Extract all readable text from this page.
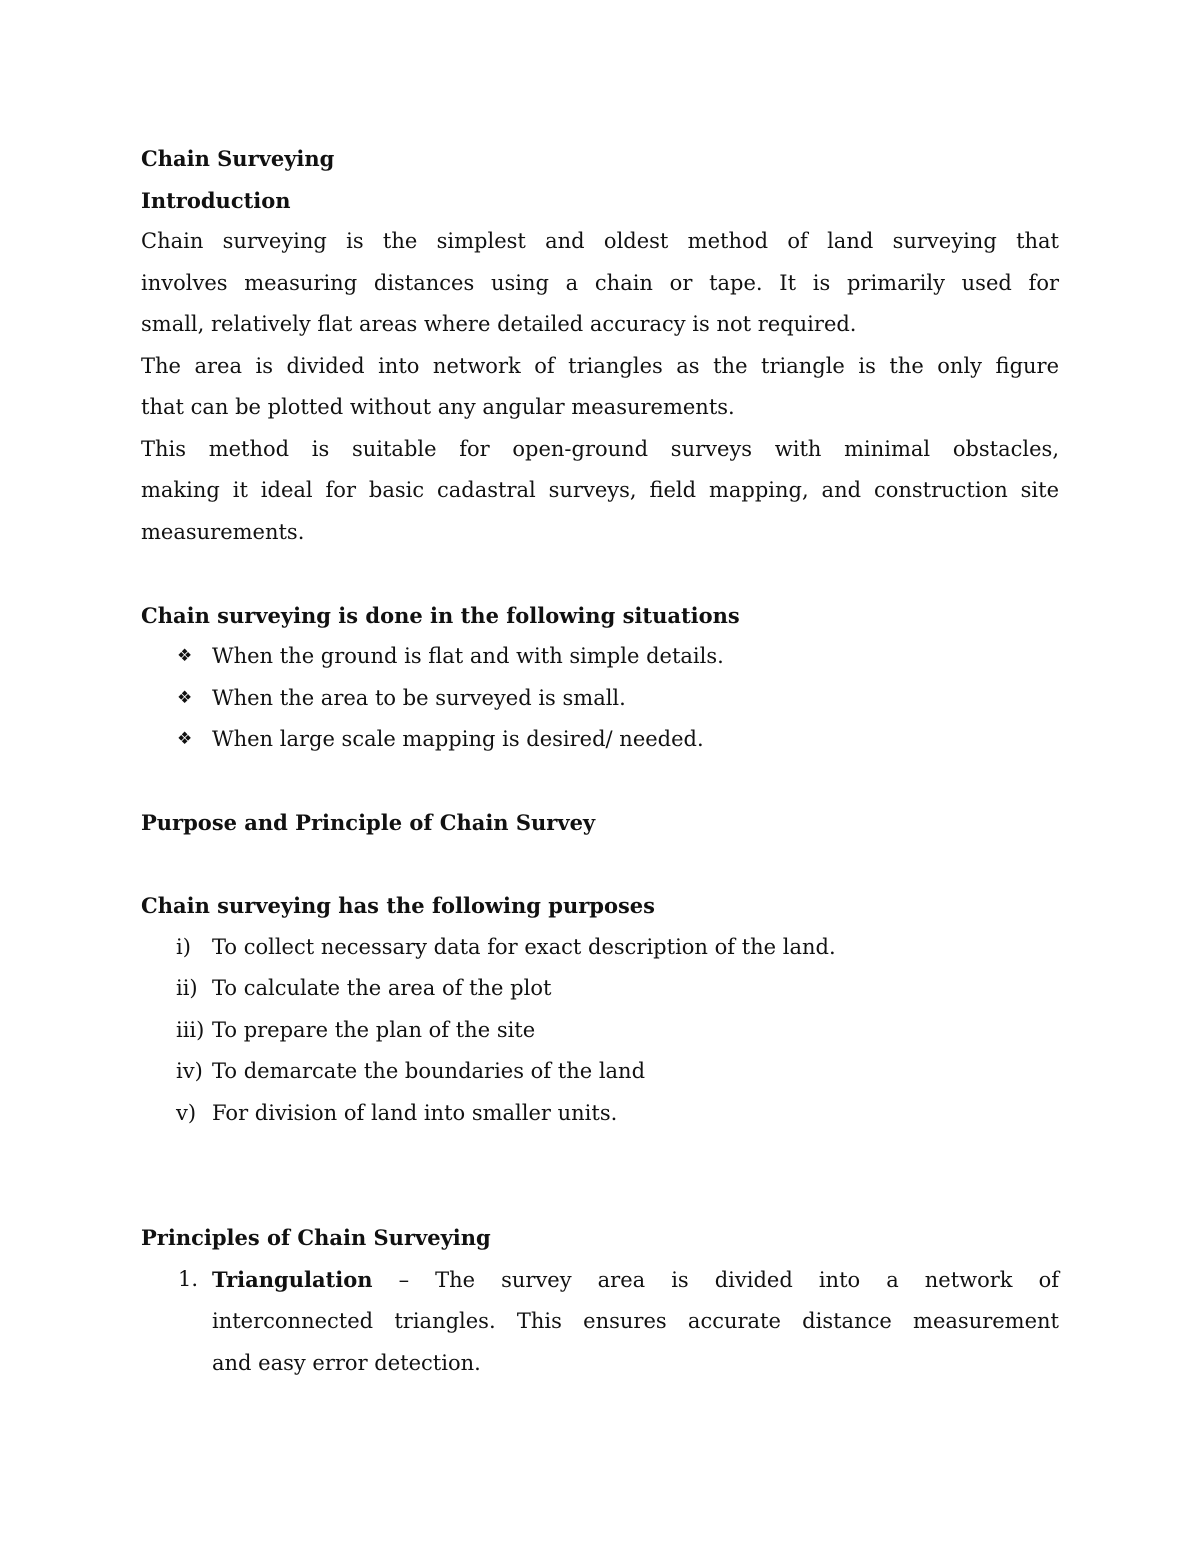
Chain Surveying
Introduction
Chain surveying is the simplest and oldest method of land surveying that
involves measuring distances using a chain or tape. It is primarily used for
small, relatively flat areas where detailed accuracy is not required.
The area is divided into network of triangles as the triangle is the only figure
that can be plotted without any angular measurements.
This method is suitable for open-ground surveys with minimal obstacles,
making it ideal for basic cadastral surveys, field mapping, and construction site
measurements.
Chain surveying is done in the following situations
❖ When the ground is flat and with simple details.
❖ When the area to be surveyed is small.
❖ When large scale mapping is desired/ needed.
Purpose and Principle of Chain Survey
Chain surveying has the following purposes
i) To collect necessary data for exact description of the land.
ii) To calculate the area of the plot
iii) To prepare the plan of the site
iv) To demarcate the boundaries of the land
v) For division of land into smaller units.
Principles of Chain Surveying
1. Triangulation – The survey area is divided into a network of
interconnected triangles. This ensures accurate distance measurement
and easy error detection.
